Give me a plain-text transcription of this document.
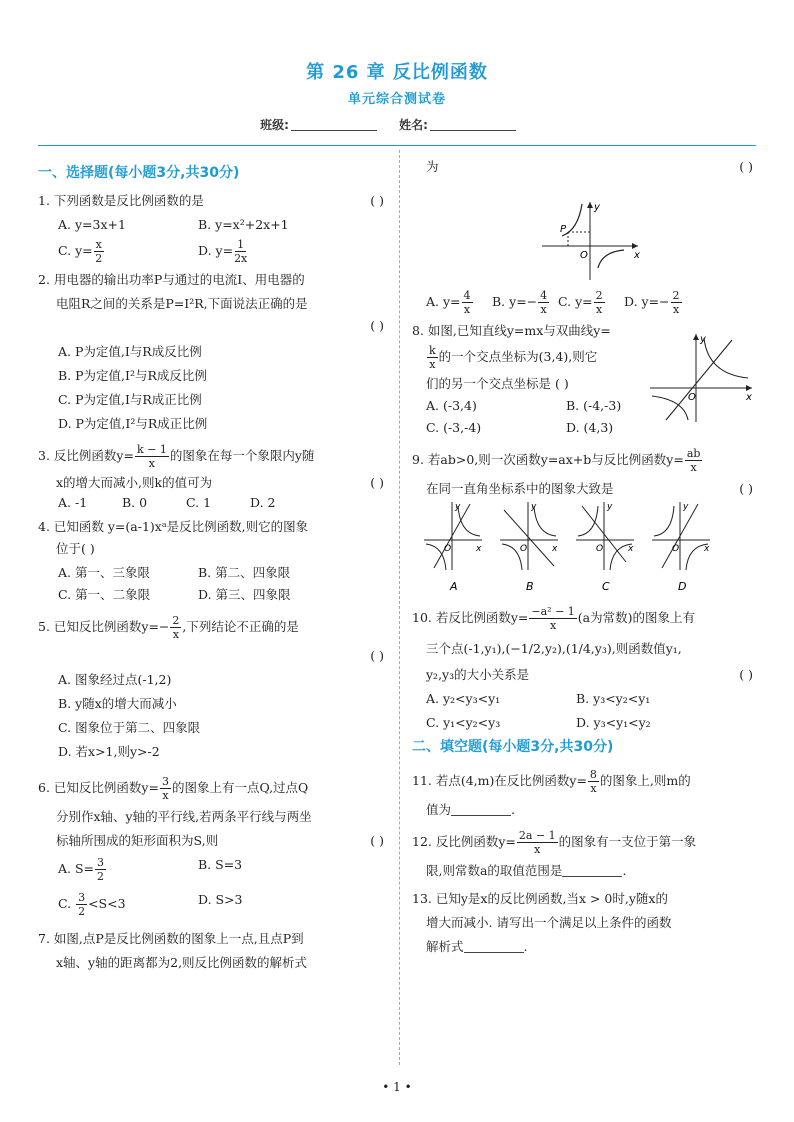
第 26 章 反比例函数
单元综合测试卷
班级:	姓名:
一、选择题(每小题3分,共30分)
1. 下列函数是反比例函数的是	( )
A. y=3x+1	B. y=x²+2x+1
C. $y= \frac{x}{2}$	D. $y= \frac{1}{2x}$
2. 用电器的输出功率P与通过的电流I、用电器的
电阻R之间的关系是P=I²R,下面说法正确的是
( )
A. P为定值,I与R成反比例
B. P为定值,I²与R成反比例
C. P为定值,I与R成正比例
D. P为定值,I²与R成正比例
3. 反比例函数$y= \frac{k - 1}{x}$ 的图象在每一个象限内y随
x的增大而减小,则k的值可为	( )
A. -1	B. 0	C. 1	D. 2
4. 已知函数 y=(a-1)xᵃ是反比例函数,则它的图象
位于( )
A. 第一、三象限	B. 第二、四象限
C. 第一、二象限	D. 第三、四象限
5. 已知反比例函数$y=- \frac{2}{x}$ ,下列结论不正确的是
( )
A. 图象经过点(-1,2)
B. y随x的增大而减小
C. 图象位于第二、四象限
D. 若x>1,则y>-2
6. 已知反比例函数$y= \frac{3}{x}$ 的图象上有一点Q,过点Q
分别作x轴、y轴的平行线,若两条平行线与两坐
标轴所围成的矩形面积为S,则	( )
A. $S= \frac{3}{2}$	B. S=3
C. $\frac{3}{2} <S<3$	D. S>3
7. 如图,点P是反比例函数的图象上一点,且点P到
x轴、y轴的距离都为2,则反比例函数的解析式
为	( )
P
O	x
y
A. $y= \frac{4}{x} B$. $y=- \frac{4}{x} C$. $y= \frac{2}{x} D$. $y=- \frac{2}{x}$
8. 如图,已知直线y=mx与双曲线y=
$\frac{k}{x}$ 的一个交点坐标为(3,4),则它
们的另一个交点坐标是 ( )
O	x
y
A. (-3,4)	B. (-4,-3)
C. (-3,-4)	D. (4,3)
9. 若ab>0,则一次函数y=ax+b与反比例函数$y= \frac{ab}{x}$
在同一直角坐标系中的图象大致是	( )
O	x
y
A
O	x
y
B
O	x
y
C
O	x
y
D
10. 若反比例函数$y= \frac{\text{−a² − 1}}{x} (a$为常数)的图象上有
三个点(-1,y₁),(−1/2,y₂),(1/4,y₃),则函数值y₁,
y₂,y₃的大小关系是	( )
A. y₂<y₃<y₁	B. y₃<y₂<y₁
C. y₁<y₂<y₃	D. y₃<y₁<y₂
二、填空题(每小题3分,共30分)
11. 若点(4,m)在反比例函数$y= \frac{8}{x}$ 的图象上,则m的
值为	.
12. 反比例函数$y= \frac{2a - 1}{x}$ 的图象有一支位于第一象
限,则常数a的取值范围是	.
13. 已知y是x的反比例函数,当x > 0时,y随x的
增大而减小. 请写出一个满足以上条件的函数
解析式	.
• 1 •
